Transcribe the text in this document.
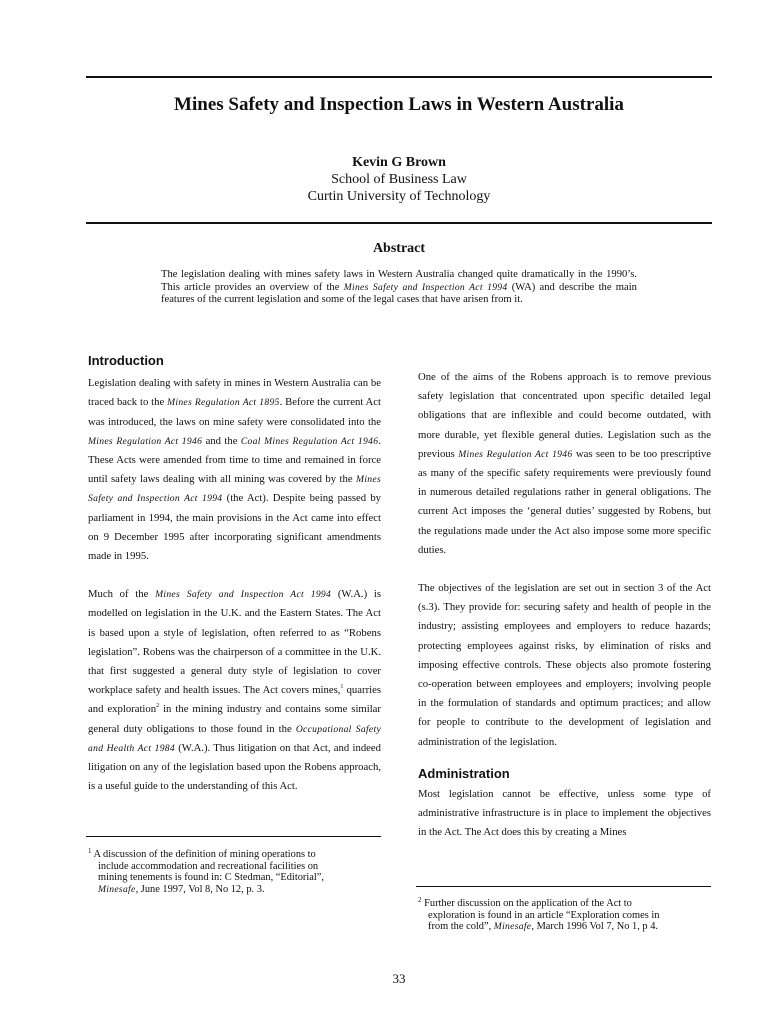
Mines Safety and Inspection Laws in Western Australia
Kevin G Brown
School of Business Law
Curtin University of Technology
Abstract
The legislation dealing with mines safety laws in Western Australia changed quite dramatically in the 1990’s. This article provides an overview of the Mines Safety and Inspection Act 1994 (WA) and describe the main features of the current legislation and some of the legal cases that have arisen from it.
Introduction

Legislation dealing with safety in mines in Western Australia can be traced back to the Mines Regulation Act 1895. Before the current Act was introduced, the laws on mine safety were consolidated into the Mines Regulation Act 1946 and the Coal Mines Regulation Act 1946. These Acts were amended from time to time and remained in force until safety laws dealing with all mining was covered by the Mines Safety and Inspection Act 1994 (the Act). Despite being passed by parliament in 1994, the main provisions in the Act came into effect on 9 December 1995 after incorporating significant amendments made in 1995.

Much of the Mines Safety and Inspection Act 1994 (W.A.) is modelled on legislation in the U.K. and the Eastern States. The Act is based upon a style of legislation, often referred to as “Robens legislation”. Robens was the chairperson of a committee in the U.K. that first suggested a general duty style of legislation to cover workplace safety and health issues. The Act covers mines,$^1$ quarries and exploration$^2$ in the mining industry and contains some similar general duty obligations to those found in the Occupational Safety and Health Act 1984 (W.A.). Thus litigation on that Act, and indeed litigation on any of the legislation based upon the Robens approach, is a useful guide to the understanding of this Act.

$^1$ A discussion of the definition of mining operations to
include accommodation and recreational facilities on
mining tenements is found in: C Stedman, “Editorial”,
Minesafe, June 1997, Vol 8, No 12, p. 3.

One of the aims of the Robens approach is to remove previous safety legislation that concentrated upon specific detailed legal obligations that are inflexible and could become outdated, with more durable, yet flexible general duties. Legislation such as the previous Mines Regulation Act 1946 was seen to be too prescriptive as many of the specific safety requirements were previously found in numerous detailed regulations rather in general obligations. The current Act imposes the ‘general duties’ suggested by Robens, but the regulations made under the Act also impose some more specific duties.

The objectives of the legislation are set out in section 3 of the Act (s.3). They provide for: securing safety and health of people in the industry; assisting employees and employers to reduce hazards; protecting employees against risks, by elimination of risks and imposing effective controls. These objects also promote fostering co-operation between employees and employers; involving people in the formulation of standards and optimum practices; and allow for people to contribute to the development of legislation and administration of the legislation.

Administration

Most legislation cannot be effective, unless some type of administrative infrastructure is in place to implement the objectives in the Act. The Act does this by creating a Mines

$^2$ Further discussion on the application of the Act to
exploration is found in an article “Exploration comes in
from the cold”, Minesafe, March 1996 Vol 7, No 1, p 4.
33
